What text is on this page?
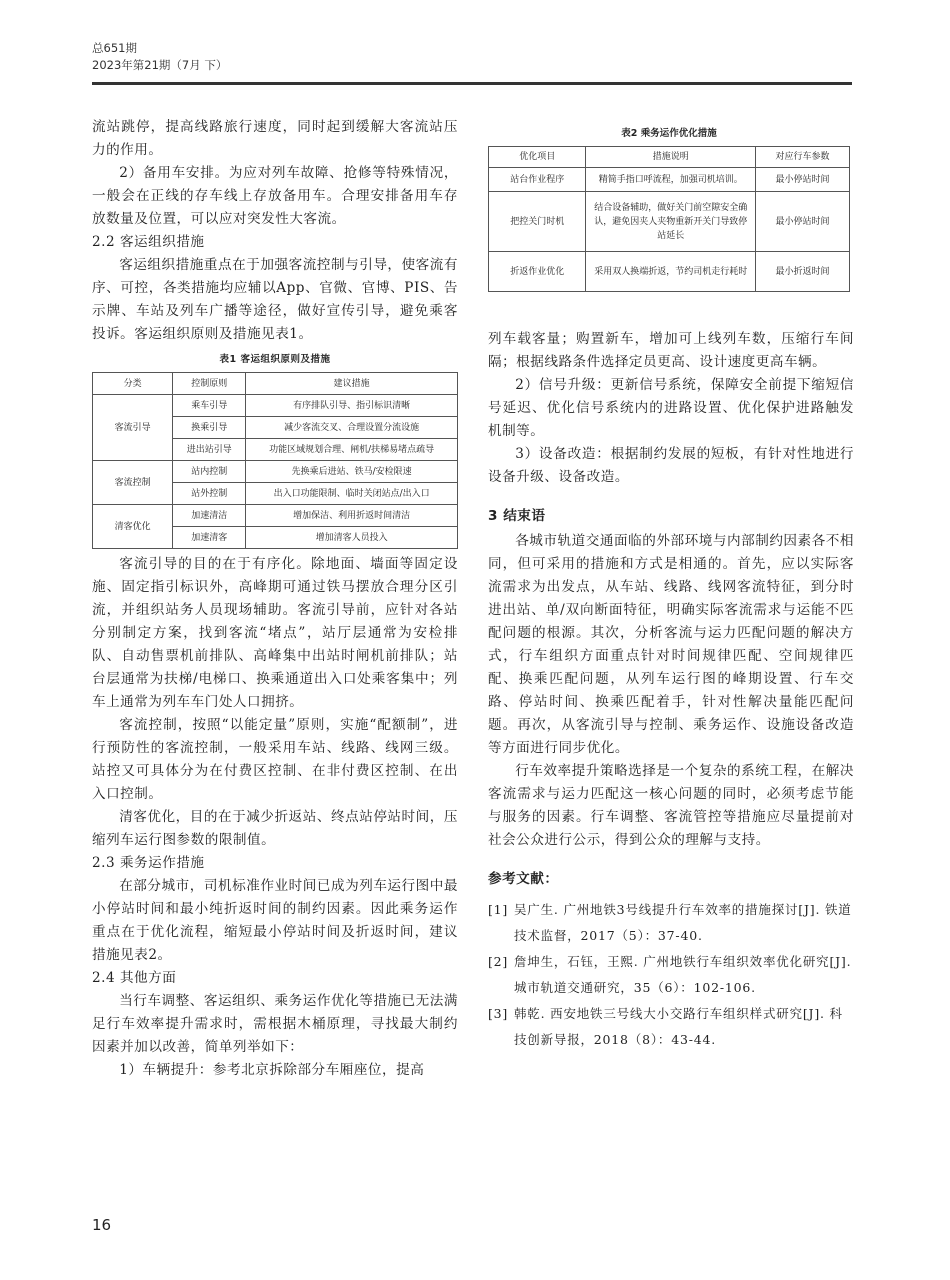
总651期
2023年第21期（7月 下）

流站跳停，提高线路旅行速度，同时起到缓解大客流站压力的作用。

2）备用车安排。为应对列车故障、抢修等特殊情况，一般会在正线的存车线上存放备用车。合理安排备用车存放数量及位置，可以应对突发性大客流。

2.2 客运组织措施

客运组织措施重点在于加强客流控制与引导，使客流有序、可控，各类措施均应辅以App、官微、官博、PIS、告示牌、车站及列车广播等途径，做好宣传引导，避免乘客投诉。客运组织原则及措施见表1。

表1 客运组织原则及措施
分类	控制原则	建议措施
客流引导	乘车引导	有序排队引导、指引标识清晰
	换乘引导	减少客流交叉、合理设置分流设施
	进出站引导	功能区域规划合理、闸机/扶梯易堵点疏导
客流控制	站内控制	先换乘后进站、铁马/安检限速
	站外控制	出入口功能限制、临时关闭站点/出入口
清客优化	加速清洁	增加保洁、利用折返时间清洁
	加速清客	增加清客人员投入

客流引导的目的在于有序化。除地面、墙面等固定设施、固定指引标识外，高峰期可通过铁马摆放合理分区引流，并组织站务人员现场辅助。客流引导前，应针对各站分别制定方案，找到客流“堵点”，站厅层通常为安检排队、自动售票机前排队、高峰集中出站时闸机前排队；站台层通常为扶梯/电梯口、换乘通道出入口处乘客集中；列车上通常为列车车门处人口拥挤。

客流控制，按照“以能定量”原则，实施“配额制”，进行预防性的客流控制，一般采用车站、线路、线网三级。站控又可具体分为在付费区控制、在非付费区控制、在出入口控制。

清客优化，目的在于减少折返站、终点站停站时间，压缩列车运行图参数的限制值。

2.3 乘务运作措施

在部分城市，司机标准作业时间已成为列车运行图中最小停站时间和最小纯折返时间的制约因素。因此乘务运作重点在于优化流程，缩短最小停站时间及折返时间，建议措施见表2。

2.4 其他方面

当行车调整、客运组织、乘务运作优化等措施已无法满足行车效率提升需求时，需根据木桶原理，寻找最大制约因素并加以改善，简单列举如下：

1）车辆提升：参考北京拆除部分车厢座位，提高

表2 乘务运作优化措施
优化项目	措施说明	对应行车参数
站台作业程序	精简手指口呼流程，加强司机培训。	最小停站时间
把控关门时机	结合设备辅助，做好关门前空隙安全确认，避免因夹人夹物重新开关门导致停站延长	最小停站时间
折返作业优化	采用双人换端折返，节约司机走行耗时	最小折返时间

列车载客量；购置新车，增加可上线列车数，压缩行车间隔；根据线路条件选择定员更高、设计速度更高车辆。

2）信号升级：更新信号系统，保障安全前提下缩短信号延迟、优化信号系统内的进路设置、优化保护进路触发机制等。

3）设备改造：根据制约发展的短板，有针对性地进行设备升级、设备改造。

3 结束语

各城市轨道交通面临的外部环境与内部制约因素各不相同，但可采用的措施和方式是相通的。首先，应以实际客流需求为出发点，从车站、线路、线网客流特征，到分时进出站、单/双向断面特征，明确实际客流需求与运能不匹配问题的根源。其次，分析客流与运力匹配问题的解决方式，行车组织方面重点针对时间规律匹配、空间规律匹配、换乘匹配问题，从列车运行图的峰期设置、行车交路、停站时间、换乘匹配着手，针对性解决量能匹配问题。再次，从客流引导与控制、乘务运作、设施设备改造等方面进行同步优化。

行车效率提升策略选择是一个复杂的系统工程，在解决客流需求与运力匹配这一核心问题的同时，必须考虑节能与服务的因素。行车调整、客流管控等措施应尽量提前对社会公众进行公示，得到公众的理解与支持。

参考文献：
[1] 吴广生. 广州地铁3号线提升行车效率的措施探讨[J]. 铁道技术监督，2017（5）：37-40.
[2] 詹坤生，石钰，王熙. 广州地铁行车组织效率优化研究[J]. 城市轨道交通研究，35（6）：102-106.
[3] 韩乾. 西安地铁三号线大小交路行车组织样式研究[J]. 科技创新导报，2018（8）：43-44.
16
